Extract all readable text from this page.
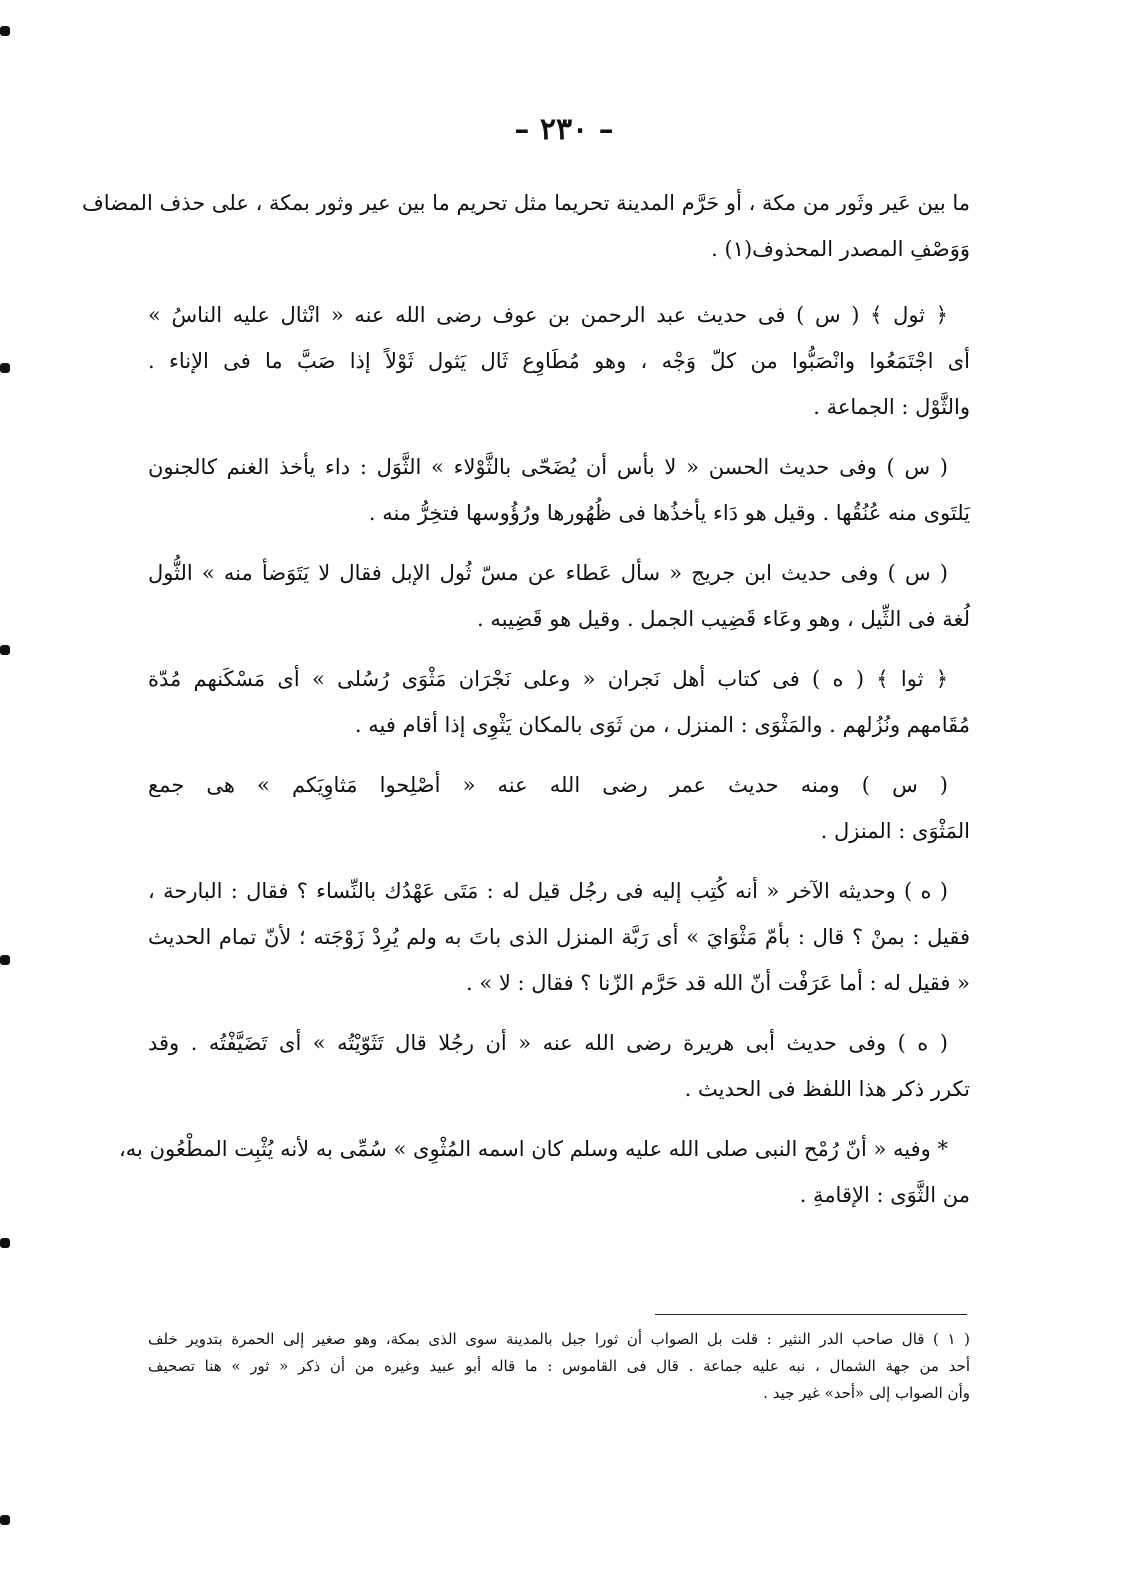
– ٢٣٠ –
ما بين عَير وثَور من مكة ، أو حَرَّم المدينة تحريما مثل تحريم ما بين عير وثور بمكة ، على حذف المضاف
وَوَصْفِ المصدر المحذوف(١) .
﴿ ثول ﴾ ( س ) فى حديث عبد الرحمن بن عوف رضى الله عنه « انْثال عليه الناسُ »
أى اجْتَمَعُوا وانْصَبُّوا من كلّ وَجْه ، وهو مُطَاوِع ثَال يَثول ثَوْلاً إذا صَبَّ ما فى الإناء .
والثَّوْل : الجماعة .
( س ) وفى حديث الحسن « لا بأس أن يُضَحّى بالثَّوْلاء » الثَّوَل : داء يأخذ الغنم كالجنون
يَلتَوى منه عُنُقُها . وقيل هو دَاء يأخذُها فى ظُهُورها ورُؤُوسها فتخِرُّ منه .
( س ) وفى حديث ابن جريج « سأل عَطاء عن مسّ ثُول الإبل فقال لا يَتَوَضأ منه » الثُّول
لُغة فى الثِّيل ، وهو وعَاء قَضِيب الجمل . وقيل هو قَضِيبه .
﴿ ثوا ﴾ ( ه ) فى كتاب أهل نَجران « وعلى نَجْرَان مَثْوَى رُسُلى » أى مَسْكَنهم مُدّة
مُقَامهم ونُزُلهم . والمَثْوَى : المنزل ، من ثَوَى بالمكان يَثْوِى إذا أقام فيه .
( س ) ومنه حديث عمر رضى الله عنه « أصْلِحوا مَثاوِيَكم » هى جمع
المَثْوَى : المنزل .
( ه ) وحديثه الآخر « أنه كُتِب إليه فى رجُل قيل له : مَتَى عَهْدُك بالنِّساء ؟ فقال : البارحة ،
فقيل : بمنْ ؟ قال : بأمّ مَثْوَايَ » أى رَبَّة المنزل الذى باتَ به ولم يُرِدْ زَوْجَته ؛ لأنّ تمام الحديث
« فقيل له : أما عَرَفْت أنّ الله قد حَرَّم الزّنا ؟ فقال : لا » .
( ه ) وفى حديث أبى هريرة رضى الله عنه « أن رجُلا قال تَثَوّيْتُه » أى تَضَيَّفْتُه . وقد
تكرر ذكر هذا اللفظ فى الحديث .
* وفيه « أنّ رُمْح النبى صلى الله عليه وسلم كان اسمه المُثْوِى » سُمِّى به لأنه يُثْبِت المطْعُون به،
من الثَّوَى : الإقامةِ .
( ١ ) قال صاحب الدر النثير : قلت بل الصواب أن ثورا جبل بالمدينة سوى الذى بمكة، وهو صغير إلى الحمرة بتدوير خلف
أحد من جهة الشمال ، نبه عليه جماعة . قال فى القاموس : ما قاله أبو عبيد وغيره من أن ذكر « ثور » هنا تصحيف
وأن الصواب إلى «أحد» غير جيد .
